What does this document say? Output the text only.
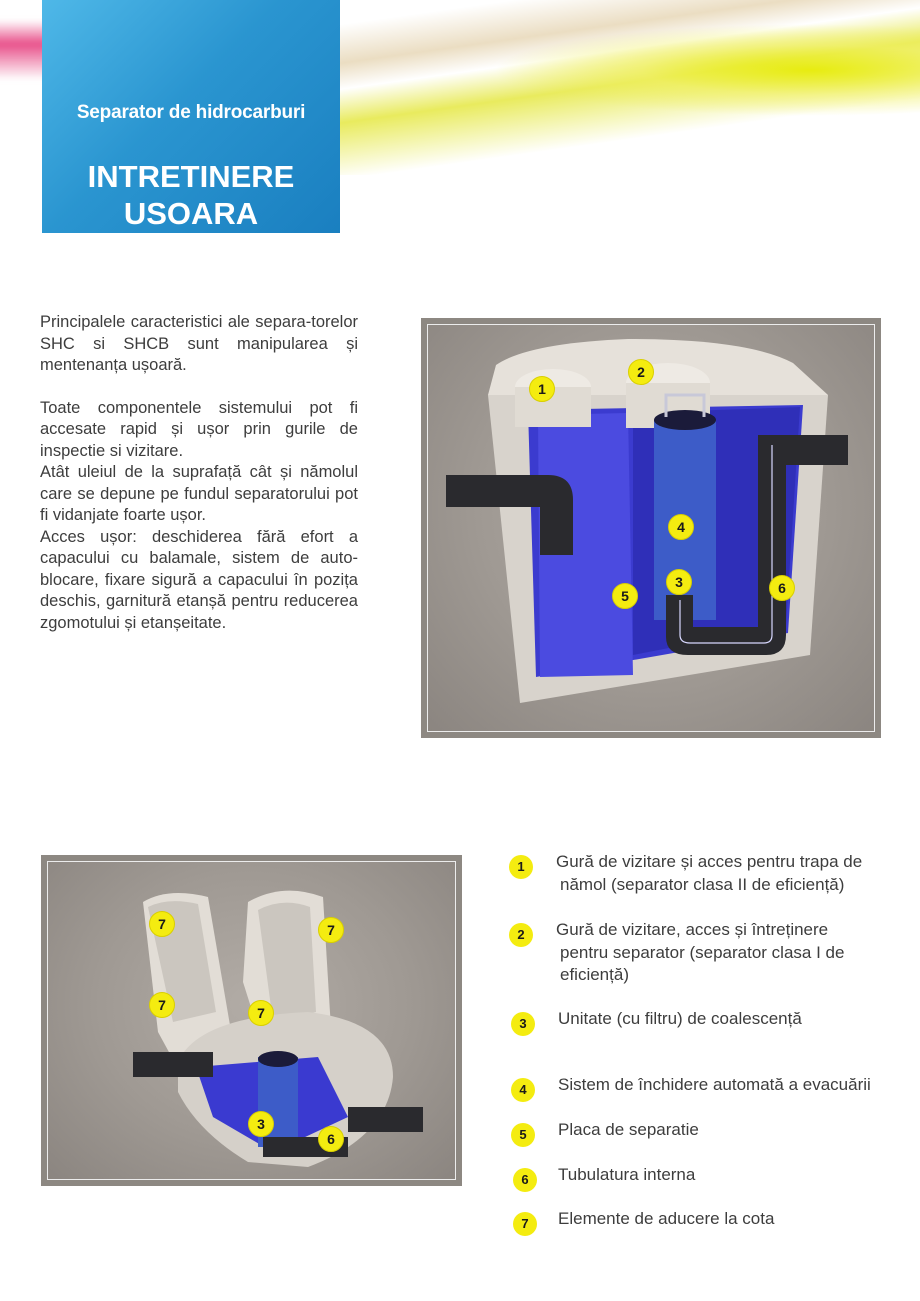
Separator de hidrocarburi
INTRETINERE
USOARA

Principalele caracteristici ale separa-torelor SHC si SHCB sunt manipularea și mentenanța ușoară.

Toate componentele sistemului pot fi accesate rapid și ușor prin gurile de inspectie si vizitare.

Atât uleiul de la suprafață cât și nămolul care se depune pe fundul separatorului pot fi vidanjate foarte ușor.

Acces ușor: deschiderea fără efort a capacului cu balamale, sistem de auto-blocare, fixare sigură a capacului în pozița deschis, garnitură etanșă pentru reducerea zgomotului și etanșeitate.

1
2
4
3
5	6
7	7
7	7
3
6
1	Gură de vizitare și acces pentru trapa de
nămol (separator clasa II de eficiență)
2	Gură de vizitare, acces și întreținere
pentru separator (separator clasa I de
eficiență)
3	Unitate (cu filtru) de coalescență
4	Sistem de închidere automată a evacuării
5	Placa de separatie
6	Tubulatura interna
7	Elemente de aducere la cota
